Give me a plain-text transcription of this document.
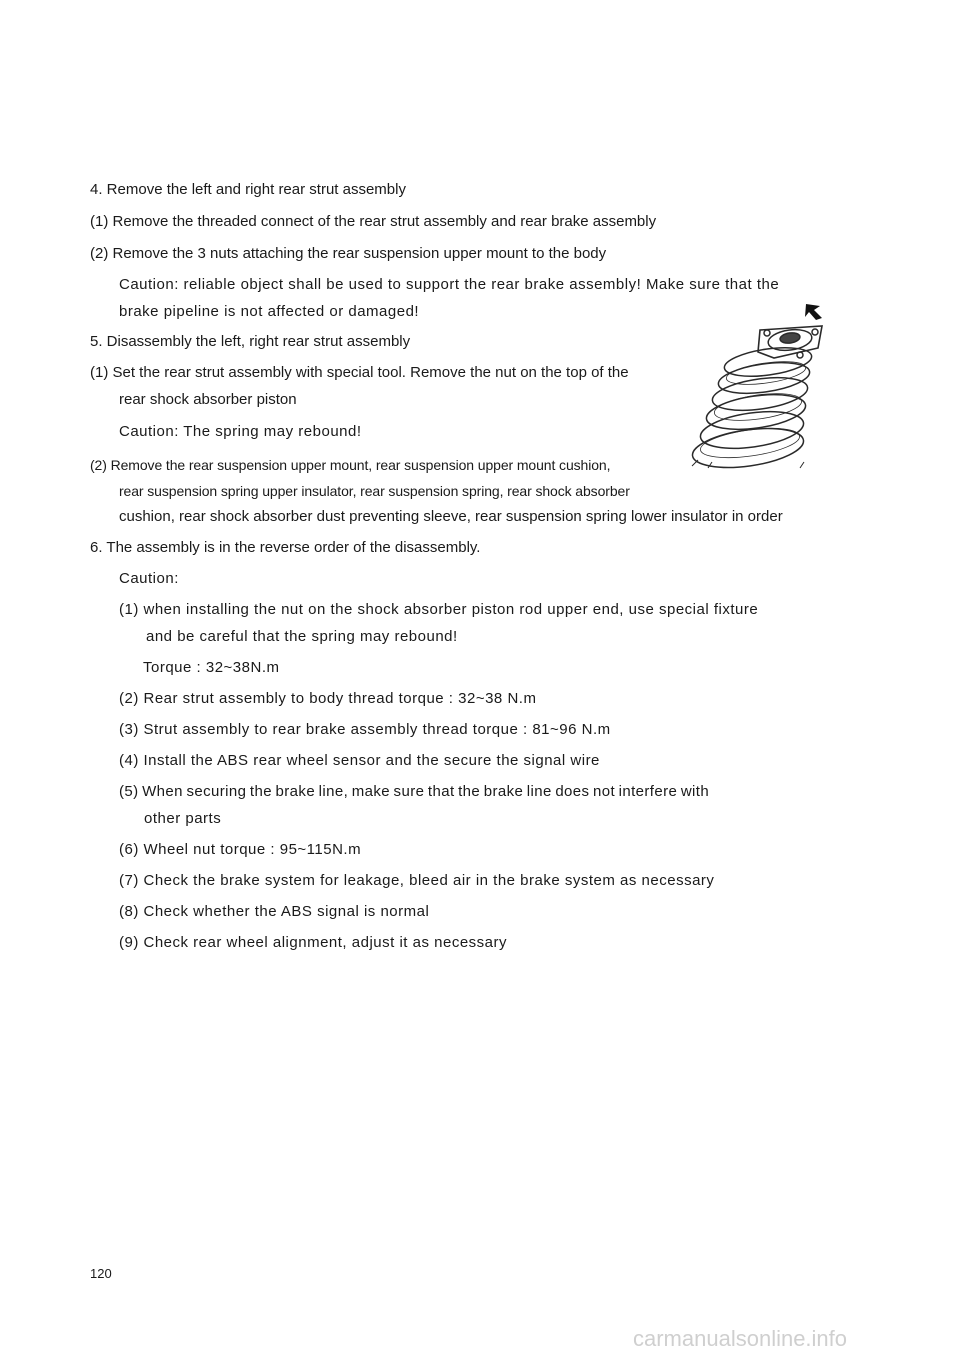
4. Remove the left and right rear strut assembly
(1) Remove the threaded connect of the rear strut assembly and rear brake assembly
(2) Remove the 3 nuts attaching the rear suspension upper mount to the body
Caution: reliable object shall be used to support the rear brake assembly! Make sure that the
brake pipeline is not affected or damaged!
5. Disassembly the left, right rear strut assembly
(1) Set the rear strut assembly with special tool. Remove the nut on the top of the
rear shock absorber piston
Caution: The spring may rebound!
(2) Remove the rear suspension upper mount, rear suspension upper mount cushion,
rear suspension spring upper insulator, rear suspension spring, rear shock absorber
cushion, rear shock absorber dust preventing sleeve, rear suspension spring lower insulator in order
6. The assembly is in the reverse order of the disassembly.
Caution:
(1) when installing the nut on the shock absorber piston rod upper end, use special fixture
and be careful that the spring may rebound!
Torque : 32~38N.m
(2) Rear strut assembly to body thread torque : 32~38 N.m
(3) Strut assembly to rear brake assembly thread torque : 81~96 N.m
(4) Install the ABS rear wheel sensor and the secure the signal wire
(5) When securing the brake line, make sure that the brake line does not interfere with
other parts
(6) Wheel nut torque : 95~115N.m
(7) Check the brake system for leakage, bleed air in the brake system as necessary
(8) Check whether the ABS signal is normal
(9) Check rear wheel alignment, adjust it as necessary
120
carmanualsonline.info
